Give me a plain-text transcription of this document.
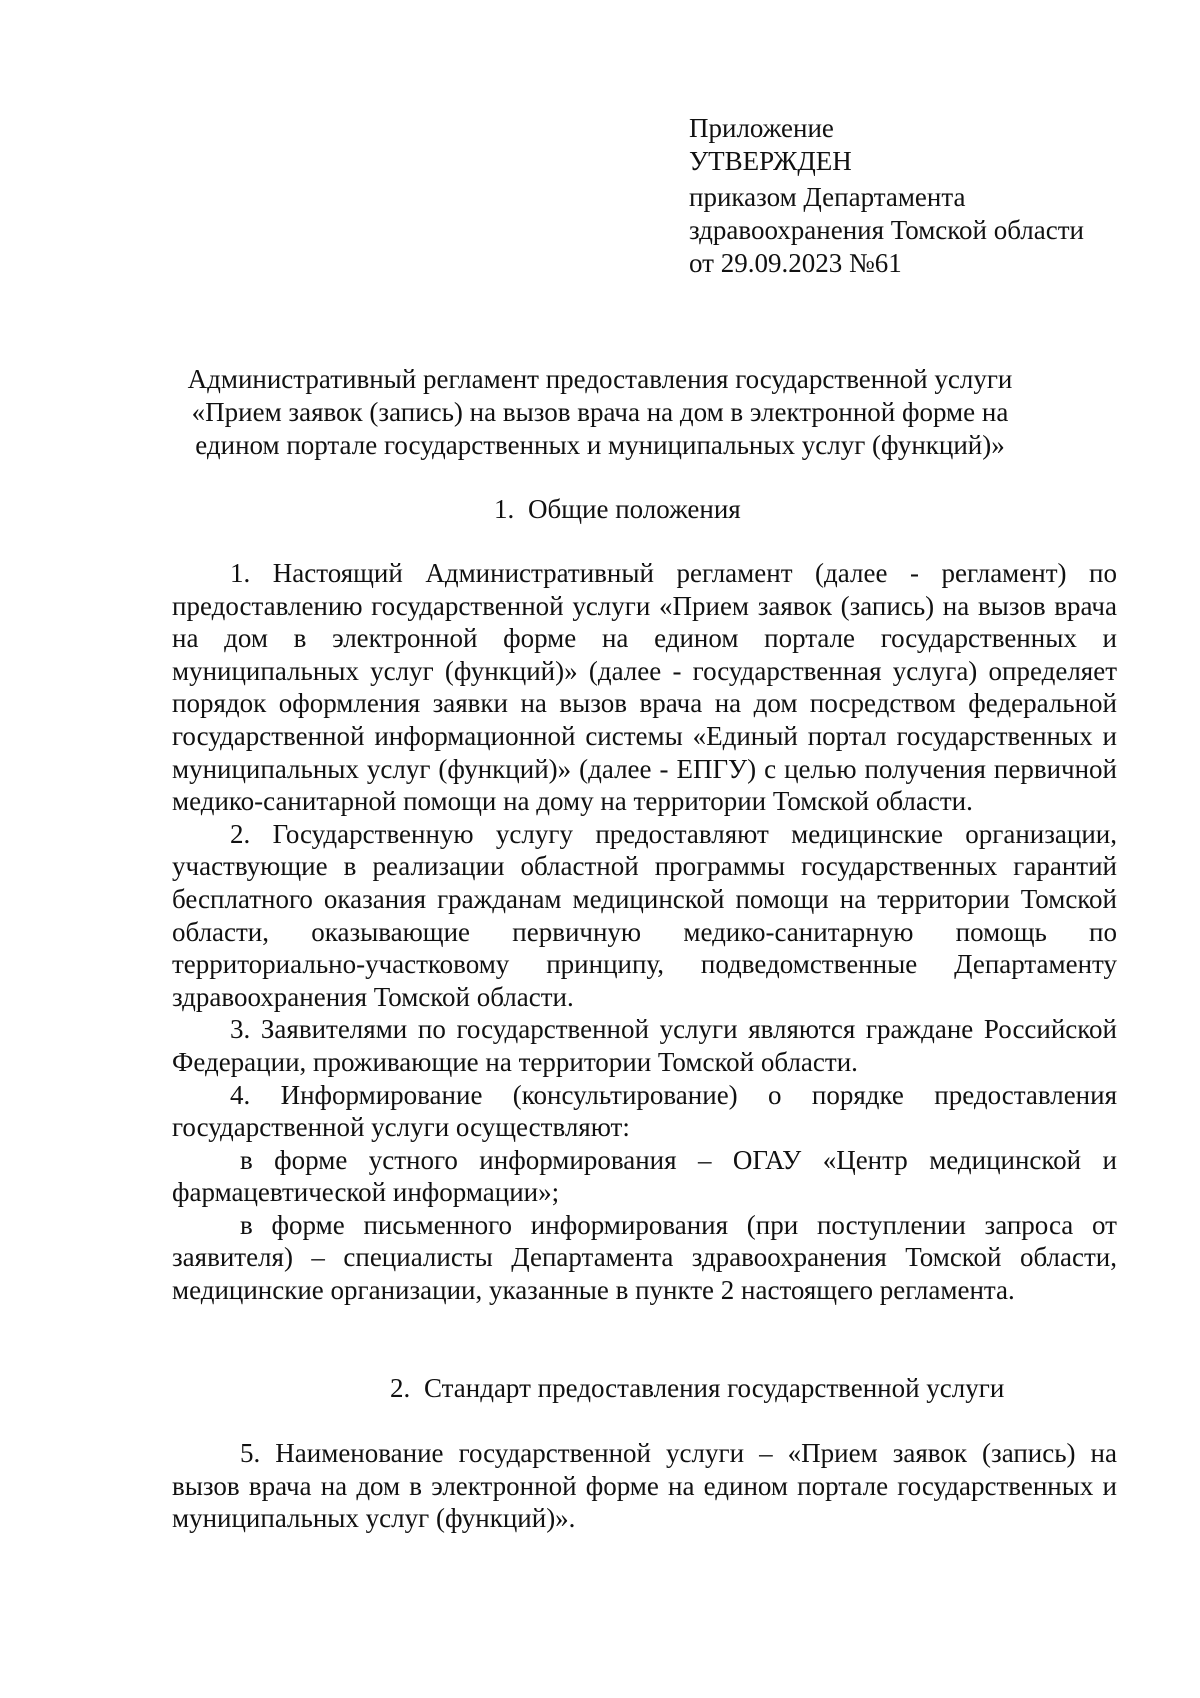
Приложение
УТВЕРЖДЕН
приказом Департамента
здравоохранения Томской области
от 29.09.2023 №61
Административный регламент предоставления государственной услуги
«Прием заявок (запись) на вызов врача на дом в электронной форме на
едином портале государственных и муниципальных услуг (функций)»
1. Общие положения

1. Настоящий Административный регламент (далее - регламент) по предоставлению государственной услуги «Прием заявок (запись) на вызов врача на дом в электронной форме на едином портале государственных и муниципальных услуг (функций)» (далее - государственная услуга) определяет порядок оформления заявки на вызов врача на дом посредством федеральной государственной информационной системы «Единый портал государственных и муниципальных услуг (функций)» (далее - ЕПГУ) с целью получения первичной медико-санитарной помощи на дому на территории Томской области.

2. Государственную услугу предоставляют медицинские организации, участвующие в реализации областной программы государственных гарантий бесплатного оказания гражданам медицинской помощи на территории Томской области, оказывающие первичную медико-санитарную помощь по территориально-участковому принципу, подведомственные Департаменту здравоохранения Томской области.

3. Заявителями по государственной услуги являются граждане Российской Федерации, проживающие на территории Томской области.

4. Информирование (консультирование) о порядке предоставления государственной услуги осуществляют:

в форме устного информирования – ОГАУ «Центр медицинской и фармацевтической информации»;

в форме письменного информирования (при поступлении запроса от заявителя) – специалисты Департамента здравоохранения Томской области, медицинские организации, указанные в пункте 2 настоящего регламента.

2. Стандарт предоставления государственной услуги

5. Наименование государственной услуги – «Прием заявок (запись) на вызов врача на дом в электронной форме на едином портале государственных и муниципальных услуг (функций)».
